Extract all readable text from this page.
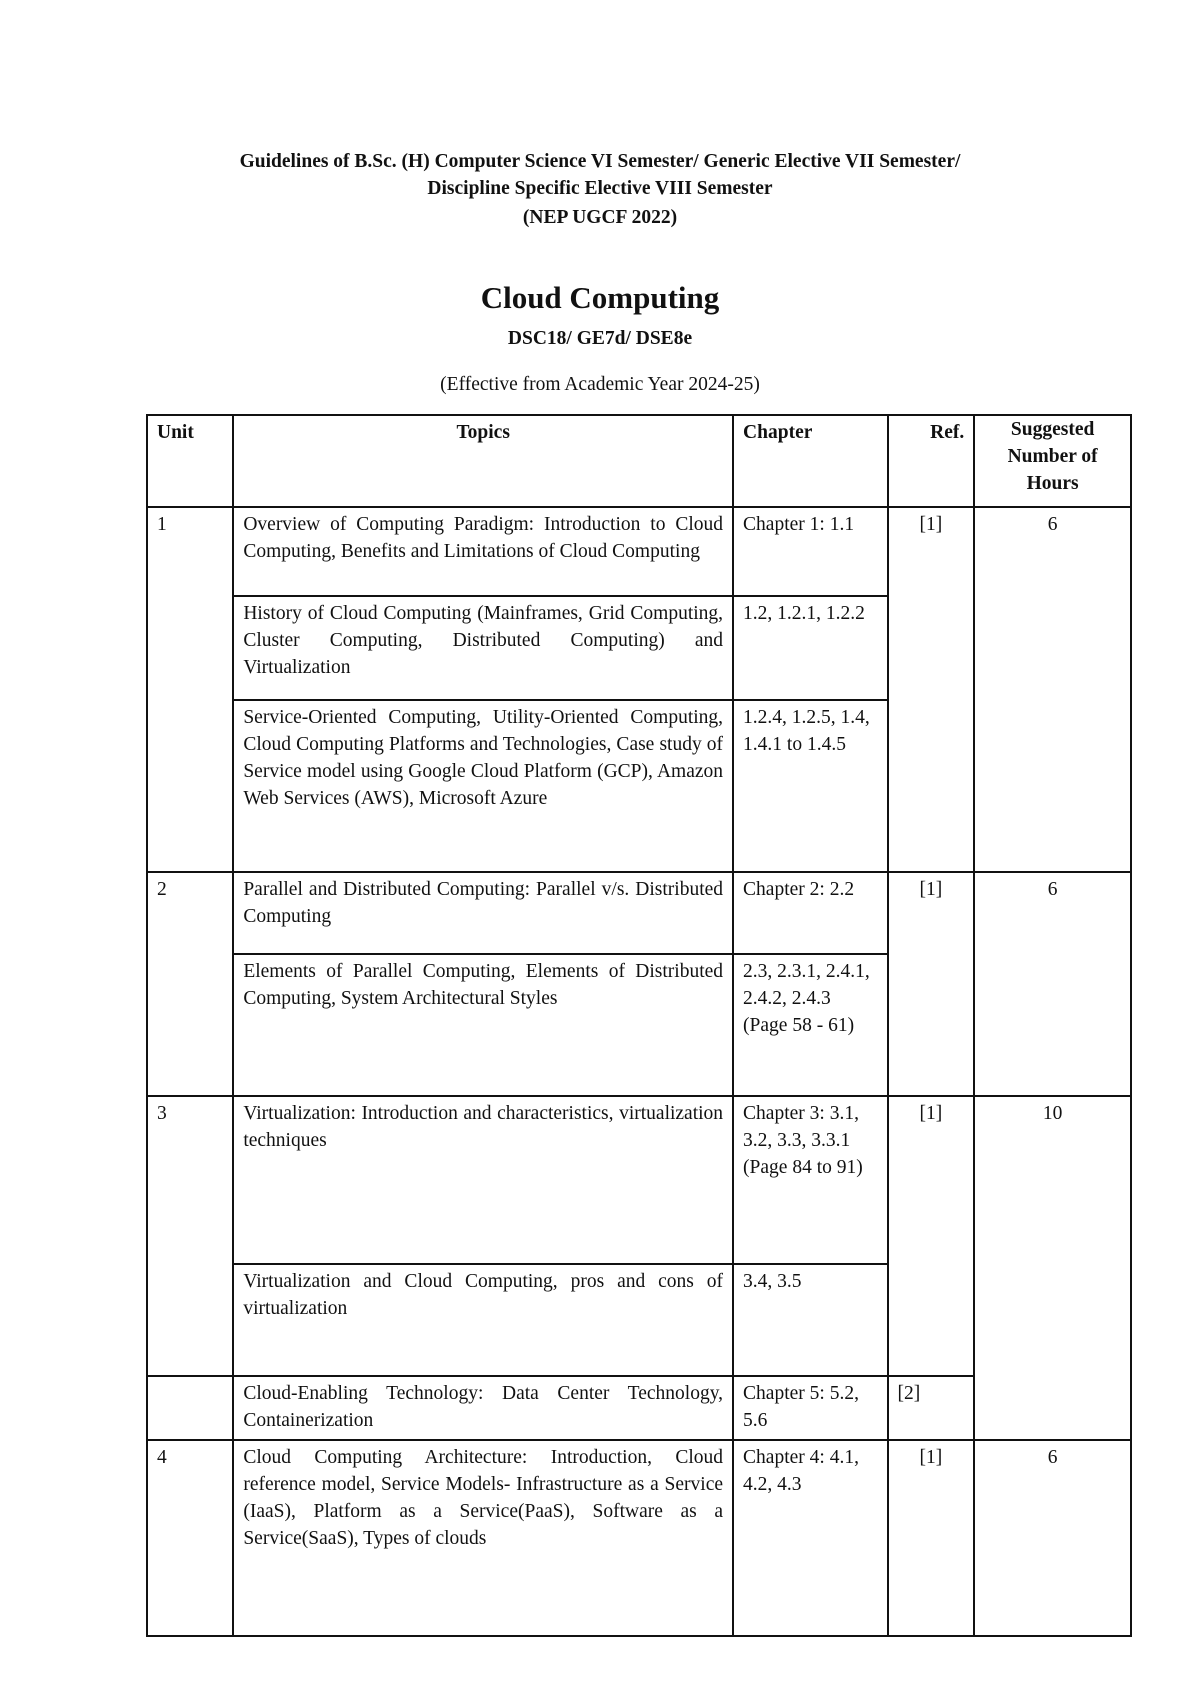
Guidelines of B.Sc. (H) Computer Science VI Semester/ Generic Elective VII Semester/
Discipline Specific Elective VIII Semester
(NEP UGCF 2022)
Cloud Computing
DSC18/ GE7d/ DSE8e
(Effective from Academic Year 2024-25)
Unit	Topics	Chapter	Ref.	Suggested Number of Hours
1	Overview of Computing Paradigm: Introduction to Cloud Computing, Benefits and Limitations of Cloud Computing	Chapter 1: 1.1	[1]	6
	History of Cloud Computing (Mainframes, Grid Computing, Cluster Computing, Distributed Computing) and Virtualization	1.2, 1.2.1, 1.2.2		
	Service-Oriented Computing, Utility-Oriented Computing, Cloud Computing Platforms and Technologies, Case study of Service model using Google Cloud Platform (GCP), Amazon Web Services (AWS), Microsoft Azure	1.2.4, 1.2.5, 1.4, 1.4.1 to 1.4.5		
2	Parallel and Distributed Computing: Parallel v/s. Distributed Computing	Chapter 2: 2.2	[1]	6
	Elements of Parallel Computing, Elements of Distributed Computing, System Architectural Styles	2.3, 2.3.1, 2.4.1, 2.4.2, 2.4.3 (Page 58 - 61)		
3	Virtualization: Introduction and characteristics, virtualization techniques	Chapter 3: 3.1, 3.2, 3.3, 3.3.1 (Page 84 to 91)	[1]	10
	Virtualization and Cloud Computing, pros and cons of virtualization	3.4, 3.5		
	Cloud-Enabling Technology: Data Center Technology, Containerization	Chapter 5: 5.2, 5.6	[2]	
4	Cloud Computing Architecture: Introduction, Cloud reference model, Service Models- Infrastructure as a Service (IaaS), Platform as a Service(PaaS), Software as a Service(SaaS), Types of clouds	Chapter 4: 4.1, 4.2, 4.3	[1]	6
